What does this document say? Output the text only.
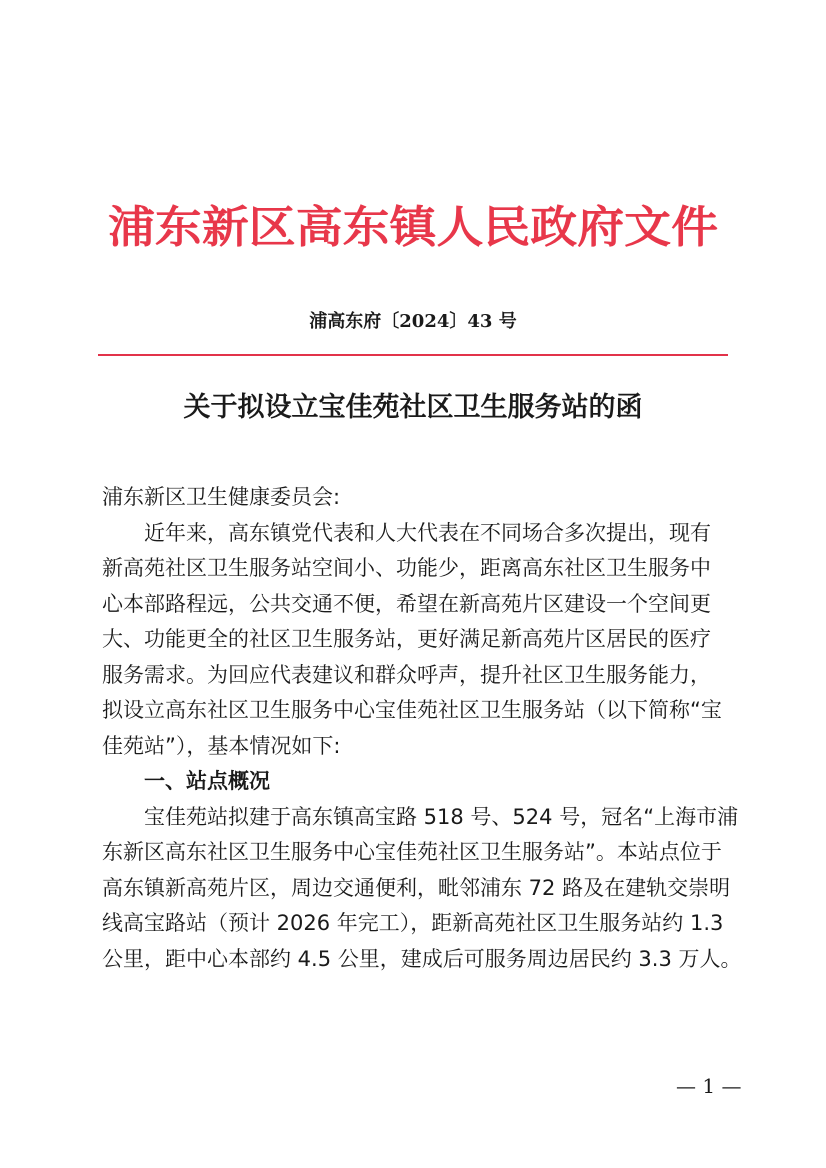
浦东新区高东镇人民政府文件
浦高东府〔2024〕43 号
关于拟设立宝佳苑社区卫生服务站的函
浦东新区卫生健康委员会:
近年来，高东镇党代表和人大代表在不同场合多次提出，现有
新高苑社区卫生服务站空间小、功能少，距离高东社区卫生服务中
心本部路程远，公共交通不便，希望在新高苑片区建设一个空间更
大、功能更全的社区卫生服务站，更好满足新高苑片区居民的医疗
服务需求。为回应代表建议和群众呼声，提升社区卫生服务能力，
拟设立高东社区卫生服务中心宝佳苑社区卫生服务站（以下简称“宝
佳苑站”），基本情况如下:
一、站点概况
宝佳苑站拟建于高东镇高宝路 518 号、524 号，冠名“上海市浦
东新区高东社区卫生服务中心宝佳苑社区卫生服务站”。本站点位于
高东镇新高苑片区，周边交通便利，毗邻浦东 72 路及在建轨交崇明
线高宝路站（预计 2026 年完工），距新高苑社区卫生服务站约 1.3
公里，距中心本部约 4.5 公里，建成后可服务周边居民约 3.3 万人。
— 1 —
